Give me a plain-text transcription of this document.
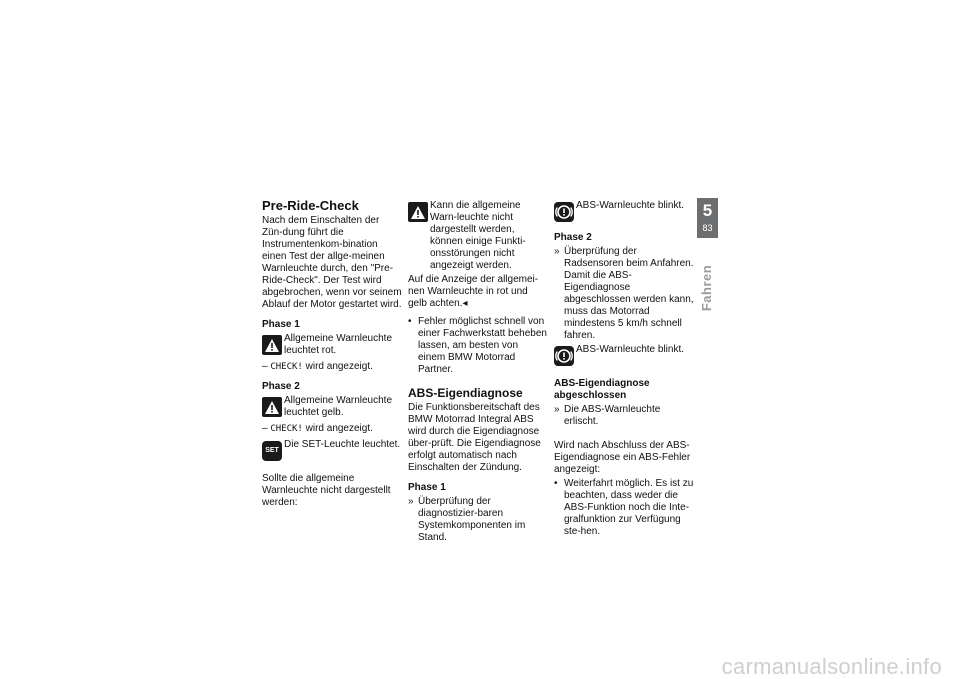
Pre-Ride-Check

Nach dem Einschalten der Zün-dung führt die Instrumentenkom-bination einen Test der allge-meinen Warnleuchte durch, den "Pre-Ride-Check". Der Test wird abgebrochen, wenn vor seinem Ablauf der Motor gestartet wird.

Phase 1
Allgemeine Warnleuchte leuchtet rot.
– CHECK! wird angezeigt.
Phase 2
Allgemeine Warnleuchte leuchtet gelb.
– CHECK! wird angezeigt.
SET
Die SET-Leuchte leuchtet.

Sollte die allgemeine Warnleuchte nicht dargestellt werden:

Kann die allgemeine Warn-leuchte nicht dargestellt werden, können einige Funkti-onsstörungen nicht angezeigt werden.

Auf die Anzeige der allgemei-nen Warnleuchte in rot und gelb achten.◂

• Fehler möglichst schnell von einer Fachwerkstatt beheben lassen, am besten von einem BMW Motorrad Partner.
ABS-Eigendiagnose

Die Funktionsbereitschaft des BMW Motorrad Integral ABS wird durch die Eigendiagnose über-prüft. Die Eigendiagnose erfolgt automatisch nach Einschalten der Zündung.

Phase 1
» Überprüfung der diagnostizier-baren Systemkomponenten im Stand.
ABS-Warnleuchte blinkt.
Phase 2
» Überprüfung der Radsensoren beim Anfahren. Damit die ABS-Eigendiagnose abgeschlossen werden kann, muss das Motorrad mindestens 5 km/h schnell fahren.
ABS-Warnleuchte blinkt.
ABS-Eigendiagnose abgeschlossen
» Die ABS-Warnleuchte erlischt.

Wird nach Abschluss der ABS-Eigendiagnose ein ABS-Fehler angezeigt:

• Weiterfahrt möglich. Es ist zu beachten, dass weder die ABS-Funktion noch die Inte-gralfunktion zur Verfügung ste-hen.
5
83
Fahren
carmanualsonline.info
